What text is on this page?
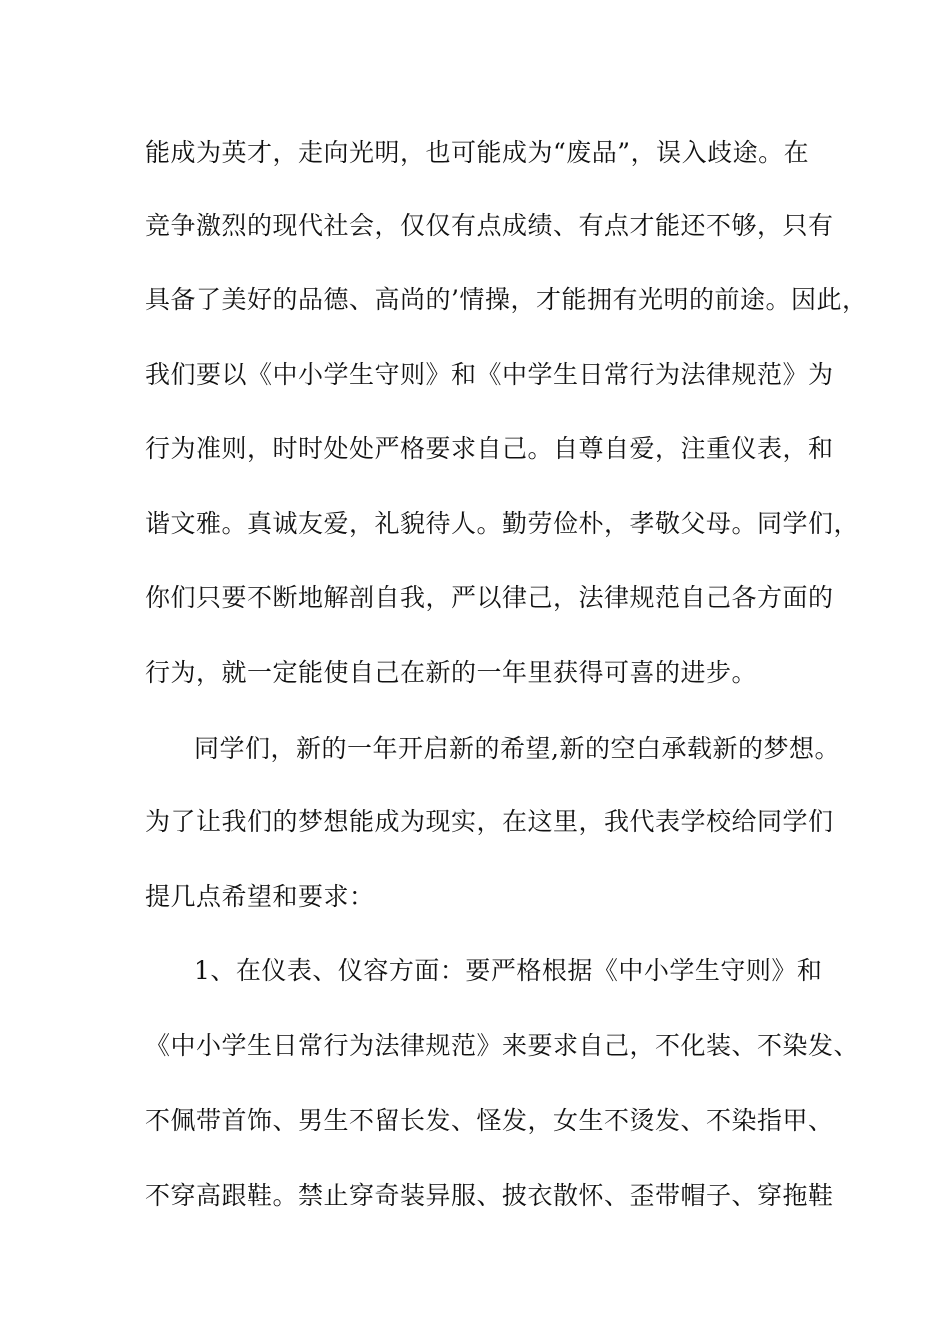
能成为英才，走向光明，也可能成为“废品”，误入歧途。在
竞争激烈的现代社会，仅仅有点成绩、有点才能还不够，只有
具备了美好的品德、高尚的’情操，才能拥有光明的前途。因此，
我们要以《中小学生守则》和《中学生日常行为法律规范》为
行为准则，时时处处严格要求自己。自尊自爱，注重仪表，和
谐文雅。真诚友爱，礼貌待人。勤劳俭朴，孝敬父母。同学们，
你们只要不断地解剖自我，严以律己，法律规范自己各方面的
行为，就一定能使自己在新的一年里获得可喜的进步。
同学们，新的一年开启新的希望,新的空白承载新的梦想。
为了让我们的梦想能成为现实，在这里，我代表学校给同学们
提几点希望和要求：
1、在仪表、仪容方面：要严格根据《中小学生守则》和
《中小学生日常行为法律规范》来要求自己，不化装、不染发、
不佩带首饰、男生不留长发、怪发，女生不烫发、不染指甲、
不穿高跟鞋。禁止穿奇装异服、披衣散怀、歪带帽子、穿拖鞋
